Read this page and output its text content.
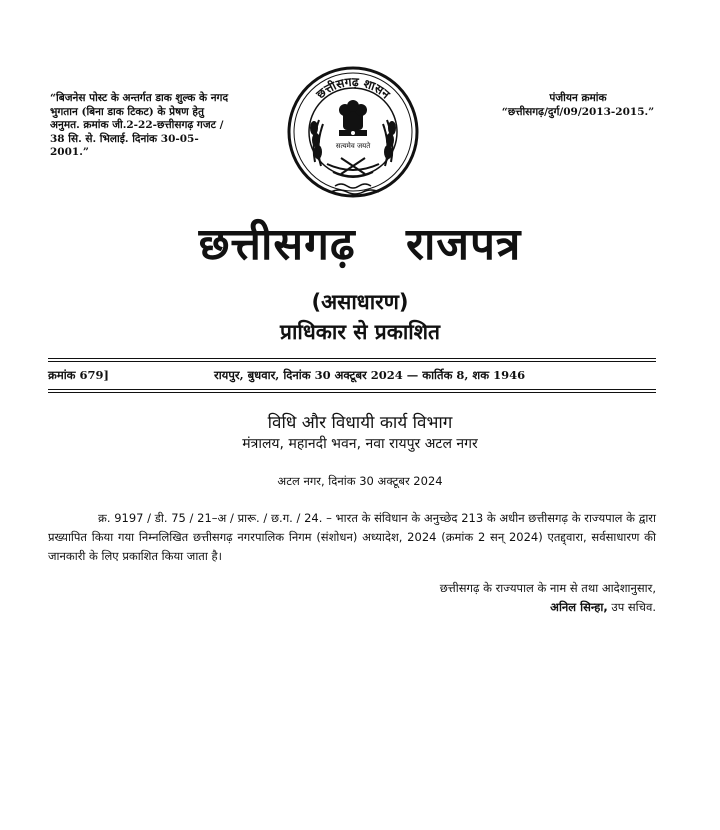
“बिजनेस पोस्ट के अन्तर्गत डाक शुल्क के नगद भुगतान (बिना डाक टिकट) के प्रेषण हेतु अनुमत. क्रमांक जी.2-22-छत्तीसगढ़ गजट / 38 सि. से. भिलाई. दिनांक 30-05-2001.”
पंजीयन क्रमांक
“छत्तीसगढ़/दुर्ग/09/2013-2015.”
छत्तीसगढ़ शासन
सत्यमेव जयते
छत्तीसगढ़ राजपत्र
(असाधारण)
प्राधिकार से प्रकाशित
क्रमांक 679]	रायपुर, बुधवार, दिनांक 30 अक्टूबर 2024 — कार्तिक 8, शक 1946
विधि और विधायी कार्य विभाग
मंत्रालय, महानदी भवन, नवा रायपुर अटल नगर
अटल नगर, दिनांक 30 अक्टूबर 2024
क्र. 9197 / डी. 75 / 21–अ / प्रारू. / छ.ग. / 24. – भारत के संविधान के अनुच्छेद 213 के अधीन छत्तीसगढ़ के राज्यपाल के द्वारा प्रख्यापित किया गया निम्नलिखित छत्तीसगढ़ नगरपालिक निगम (संशोधन) अध्यादेश, 2024 (क्रमांक 2 सन् 2024) एतद्द्वारा, सर्वसाधारण की जानकारी के लिए प्रकाशित किया जाता है।
छत्तीसगढ़ के राज्यपाल के नाम से तथा आदेशानुसार,
अनिल सिन्हा, उप सचिव.
